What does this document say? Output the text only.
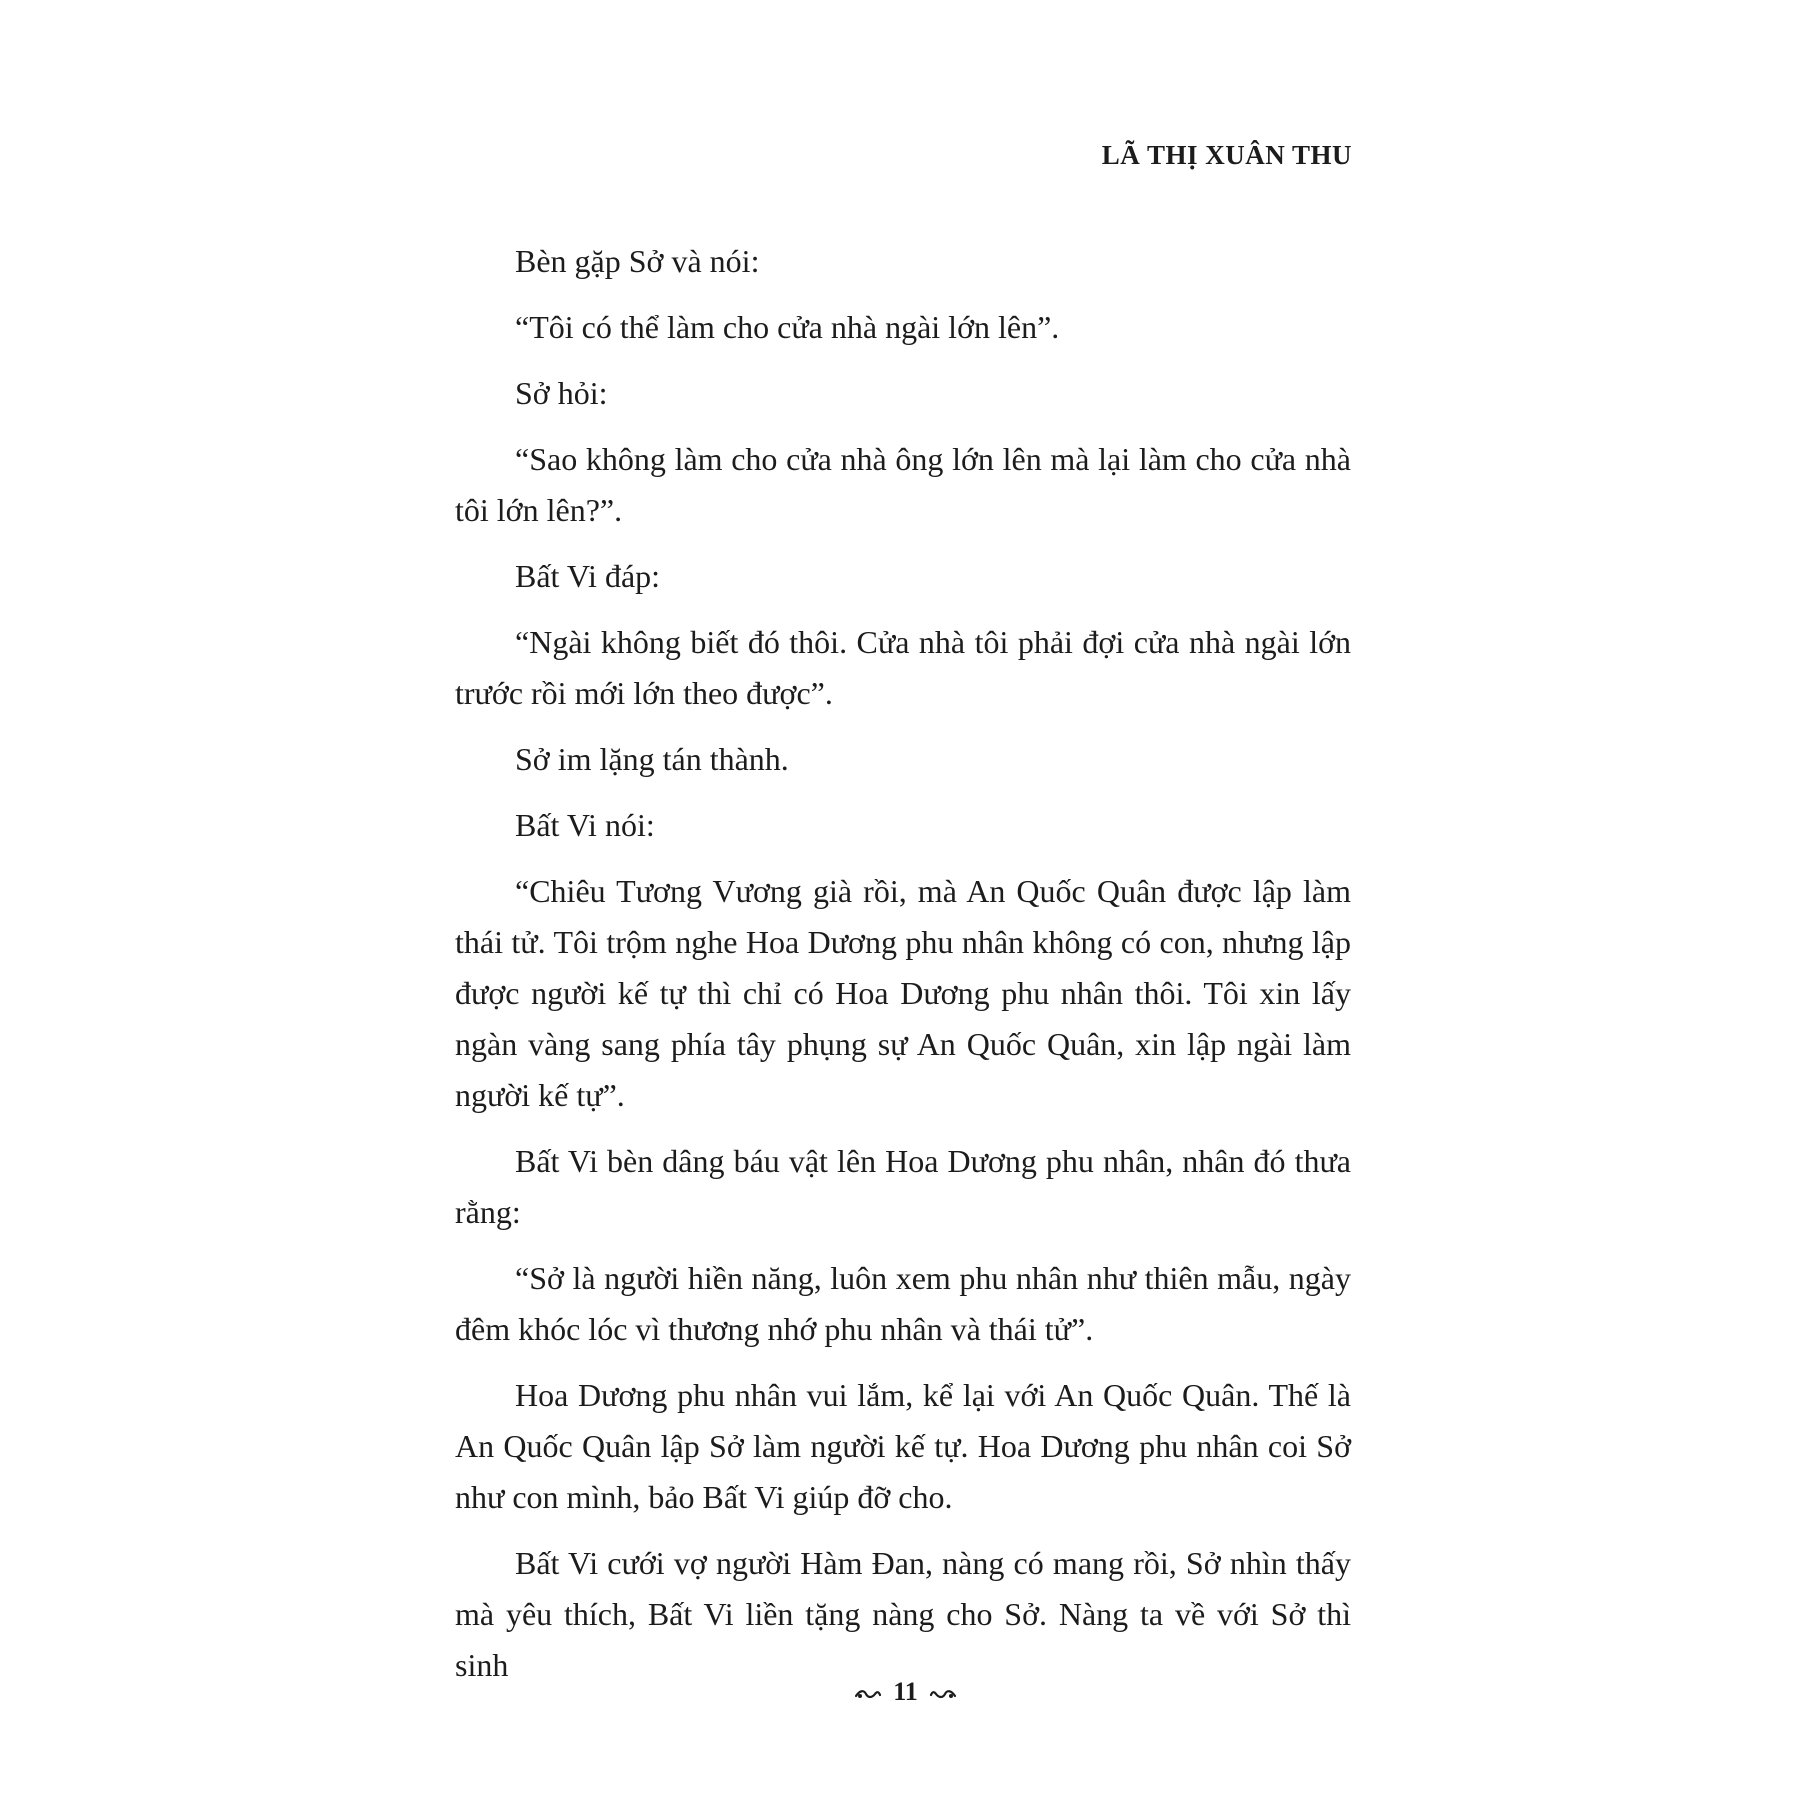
LÃ THỊ XUÂN THU

Bèn gặp Sở và nói:

“Tôi có thể làm cho cửa nhà ngài lớn lên”.

Sở hỏi:

“Sao không làm cho cửa nhà ông lớn lên mà lại làm cho cửa nhà tôi lớn lên?”.

Bất Vi đáp:

“Ngài không biết đó thôi. Cửa nhà tôi phải đợi cửa nhà ngài lớn trước rồi mới lớn theo được”.

Sở im lặng tán thành.

Bất Vi nói:

“Chiêu Tương Vương già rồi, mà An Quốc Quân được lập làm thái tử. Tôi trộm nghe Hoa Dương phu nhân không có con, nhưng lập được người kế tự thì chỉ có Hoa Dương phu nhân thôi. Tôi xin lấy ngàn vàng sang phía tây phụng sự An Quốc Quân, xin lập ngài làm người kế tự”.

Bất Vi bèn dâng báu vật lên Hoa Dương phu nhân, nhân đó thưa rằng:

“Sở là người hiền năng, luôn xem phu nhân như thiên mẫu, ngày đêm khóc lóc vì thương nhớ phu nhân và thái tử”.

Hoa Dương phu nhân vui lắm, kể lại với An Quốc Quân. Thế là An Quốc Quân lập Sở làm người kế tự. Hoa Dương phu nhân coi Sở như con mình, bảo Bất Vi giúp đỡ cho.

Bất Vi cưới vợ người Hàm Đan, nàng có mang rồi, Sở nhìn thấy mà yêu thích, Bất Vi liền tặng nàng cho Sở. Nàng ta về với Sở thì sinh

11
